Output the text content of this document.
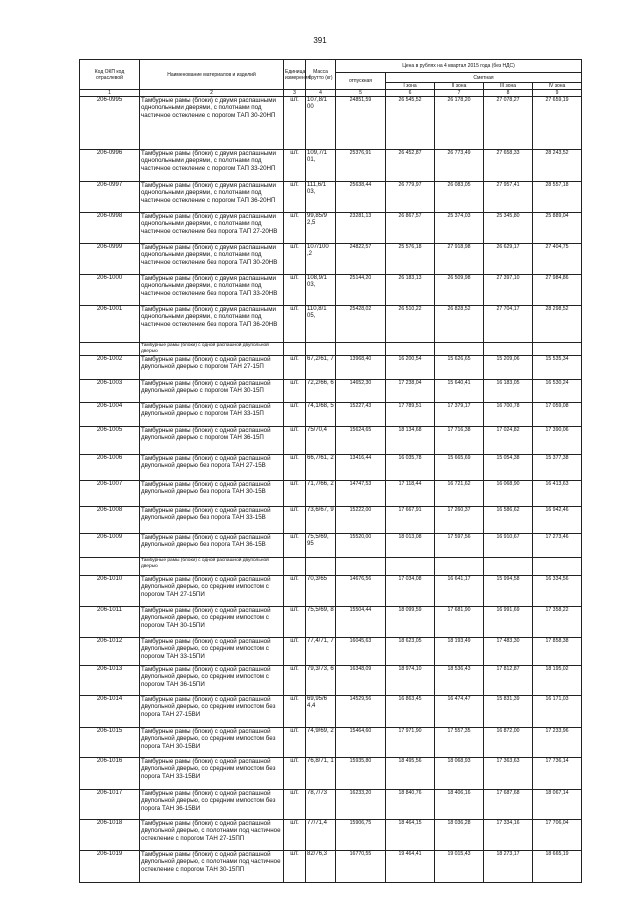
391
Код ОКП код отраслевой	Наименование материалов и изделий	Единица измерения	Масса брутто (кг)	Цена в рублях на 4 квартал 2015 года (без НДС)				
				отпускная	Сметная			
					I зона	II зона	III зона	IV зона
1	2	3	4	5	6	7	8	9
206-0995	Тамбурные рамы (блоки) с двумя распашными однопольными дверями, с полотнами под частичное остекление с порогом ТАП 30-20НП	шт.	107,8/1 00	24851,59	26 545,52	26 178,20	27 078,27	27 659,19
206-0996	Тамбурные рамы (блоки) с двумя распашными однопольными дверями, с полотнами под частичное остекление с порогом ТАП 33-20НП	шт.	109,7/1 01,	25376,91	26 452,87	26 773,49	27 658,33	28 243,52
206-0997	Тамбурные рамы (блоки) с двумя распашными однопольными дверями, с полотнами под частичное остекление с порогом ТАП 36-20НП	шт.	111,6/1 03,	25638,44	26 779,97	26 083,05	27 957,41	28 557,18
206-0998	Тамбурные рамы (блоки) с двумя распашными однопольными дверями, с полотнами под частичное остекление без порога ТАП 27-20НВ	шт.	99,85/9 2,5	23281,13	26 867,57	25 374,03	25 345,80	25 889,04
206-0999	Тамбурные рамы (блоки) с двумя распашными однопольными дверями, с полотнами под частичное остекление без порога ТАП 30-20НВ	шт.	107/100 ,2	24822,57	25 576,18	27 918,98	26 629,17	27 404,75
206-1000	Тамбурные рамы (блоки) с двумя распашными однопольными дверями, с полотнами под частичное остекление без порога ТАП 33-20НВ	шт.	108,9/1 03,	25144,20	26 183,13	26 509,98	27 397,10	27 984,86
206-1001	Тамбурные рамы (блоки) с двумя распашными однопольными дверями, с полотнами под частичное остекление без порога ТАП 36-20НВ	шт.	110,8/1 05,	25428,02	26 510,22	26 828,52	27 704,17	28 298,52
	Тамбурные рамы (блоки) с одной распашной двупольной дверью							
206-1002	Тамбурные рамы (блоки) с одной распашной двупольной дверью с порогом ТАН 27-15П	шт.	67,2/61, 7	13968,40	16 200,54	15 626,65	15 209,06	15 535,34
206-1003	Тамбурные рамы (блоки) с одной распашной двупольной дверью с порогом ТАН 30-15П	шт.	72,2/66, 6	14652,30	17 238,04	15 640,41	16 183,05	16 530,24
206-1004	Тамбурные рамы (блоки) с одной распашной двупольной дверью с порогом ТАН 33-15П	шт.	74,1/68, 5	15227,43	17 789,51	17 379,17	16 700,78	17 059,08
206-1005	Тамбурные рамы (блоки) с одной распашной двупольной дверью с порогом ТАН 36-15П	шт.	75/70,4	15624,65	18 134,68	17 716,38	17 024,82	17 390,06
206-1006	Тамбурные рамы (блоки) с одной распашной двупольной дверью без порога ТАН 27-15В	шт.	66,7/61, 2	13416,44	16 035,78	15 665,69	15 054,38	15 377,38
206-1007	Тамбурные рамы (блоки) с одной распашной двупольной дверью без порога ТАН 30-15В	шт.	71,7/66, 2	14747,53	17 118,44	16 721,62	16 068,90	16 413,63
206-1008	Тамбурные рамы (блоки) с одной распашной двупольной дверью без порога ТАН 33-15В	шт.	73,6/67, 9	15222,00	17 667,91	17 260,37	16 586,62	16 942,46
206-1009	Тамбурные рамы (блоки) с одной распашной двупольной дверью без порога ТАН 36-15В	шт.	75,5/69, 95	15520,00	18 013,08	17 597,56	16 910,67	17 273,46
	Тамбурные рамы (блоки) с одной распашной двупольной дверью							
206-1010	Тамбурные рамы (блоки) с одной распашной двупольной дверью, со средним импостом с порогом ТАН 27-15ПИ	шт.	70,3/65	14676,56	17 034,08	16 641,17	15 994,58	16 334,56
206-1011	Тамбурные рамы (блоки) с одной распашной двупольной дверью, со средним импостом с порогом ТАН 30-15ПИ	шт.	75,5/69, 8	15504,44	18 099,59	17 681,90	16 991,69	17 358,22
206-1012	Тамбурные рамы (блоки) с одной распашной двупольной дверью, со средним импостом с порогом ТАН 33-15ПИ	шт.	77,4/71, 7	16045,63	18 623,05	18 193,49	17 483,30	17 858,38
206-1013	Тамбурные рамы (блоки) с одной распашной двупольной дверью, со средним импостом с порогом ТАН 36-15ПИ	шт.	79,3/73, 6	16348,09	18 974,10	18 536,43	17 812,87	18 195,02
206-1014	Тамбурные рамы (блоки) с одной распашной двупольной дверью, со средним импостом без порога ТАН 27-15ВИ	шт.	69,95/6 4,4	14529,56	16 863,45	16 474,47	15 831,39	16 171,03
206-1015	Тамбурные рамы (блоки) с одной распашной двупольной дверью, со средним импостом без порога ТАН 30-15ВИ	шт.	74,9/69, 2	15464,60	17 971,90	17 557,35	16 872,00	17 233,96
206-1016	Тамбурные рамы (блоки) с одной распашной двупольной дверью, со средним импостом без порога ТАН 33-15ВИ	шт.	76,8/71, 1	15935,80	18 495,56	18 068,93	17 363,63	17 736,14
206-1017	Тамбурные рамы (блоки) с одной распашной двупольной дверью, со средним импостом без порога ТАН 36-15ВИ	шт.	78,7/73	16233,20	18 840,76	18 406,16	17 687,68	18 067,14
206-1018	Тамбурные рамы (блоки) с одной распашной двупольной дверью, с полотнами под частичное остекление с порогом ТАН 27-15ПП	шт.	77/71,4	15906,75	18 464,15	18 036,28	17 334,16	17 706,04
206-1019	Тамбурные рамы (блоки) с одной распашной двупольной дверью, с полотнами под частичное остекление с порогом ТАН 30-15ПП	шт.	82/76,3	16770,55	19 464,41	19 015,43	18 273,17	18 665,19
